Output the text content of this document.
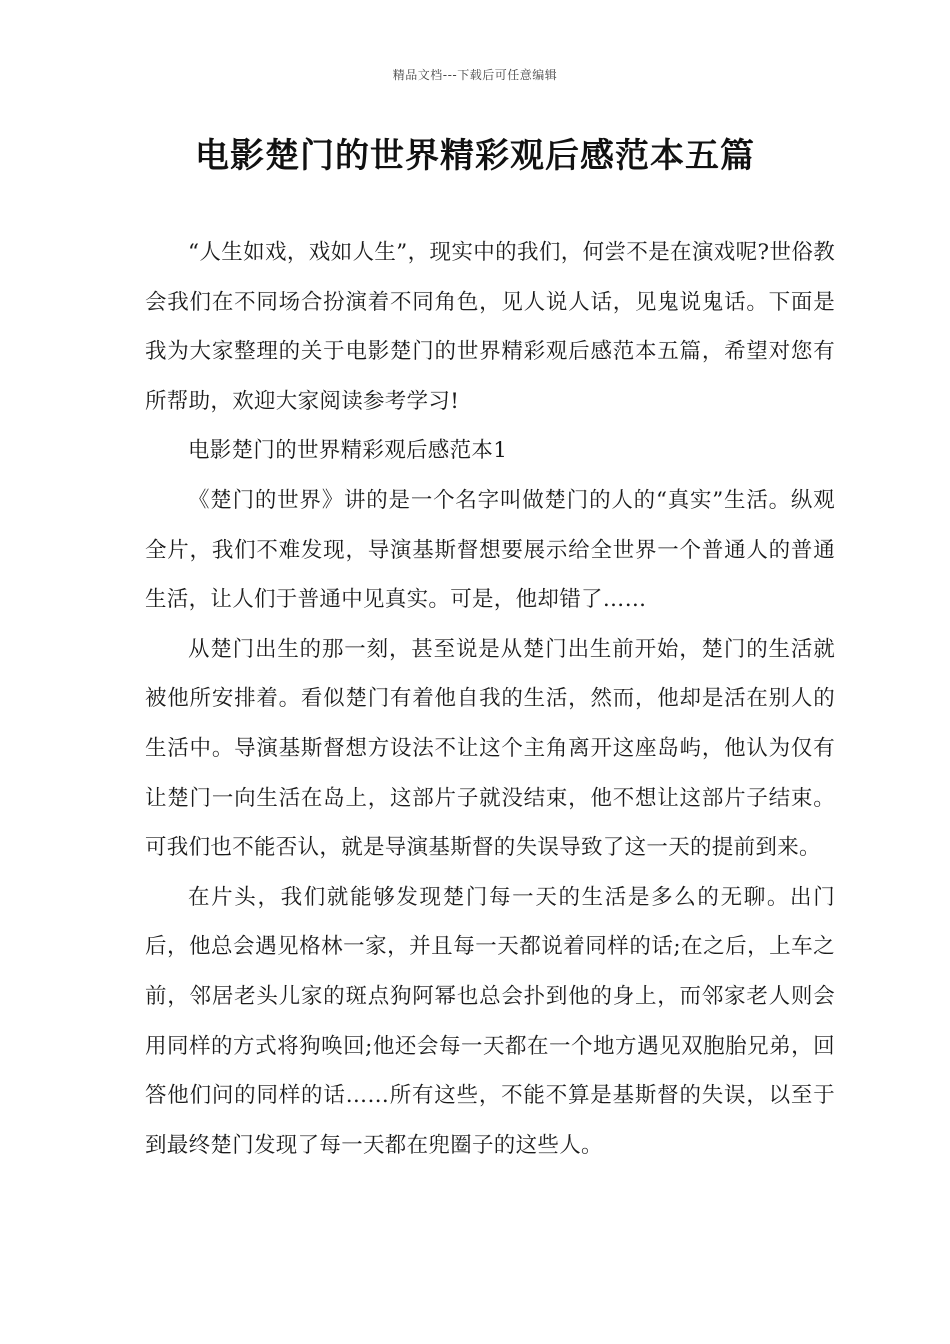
精品文档---下载后可任意编辑
电影楚门的世界精彩观后感范本五篇

“人生如戏，戏如人生”，现实中的我们，何尝不是在演戏呢?世俗教会我们在不同场合扮演着不同角色，见人说人话，见鬼说鬼话。下面是我为大家整理的关于电影楚门的世界精彩观后感范本五篇，希望对您有所帮助，欢迎大家阅读参考学习!

电影楚门的世界精彩观后感范本1

《楚门的世界》讲的是一个名字叫做楚门的人的“真实”生活。纵观全片，我们不难发现，导演基斯督想要展示给全世界一个普通人的普通生活，让人们于普通中见真实。可是，他却错了……

从楚门出生的那一刻，甚至说是从楚门出生前开始，楚门的生活就被他所安排着。看似楚门有着他自我的生活，然而，他却是活在别人的生活中。导演基斯督想方设法不让这个主角离开这座岛屿，他认为仅有让楚门一向生活在岛上，这部片子就没结束，他不想让这部片子结束。可我们也不能否认，就是导演基斯督的失误导致了这一天的提前到来。

在片头，我们就能够发现楚门每一天的生活是多么的无聊。出门后，他总会遇见格林一家，并且每一天都说着同样的话;在之后，上车之前，邻居老头儿家的斑点狗阿幂也总会扑到他的身上，而邻家老人则会用同样的方式将狗唤回;他还会每一天都在一个地方遇见双胞胎兄弟，回答他们问的同样的话……所有这些，不能不算是基斯督的失误，以至于到最终楚门发现了每一天都在兜圈子的这些人。
